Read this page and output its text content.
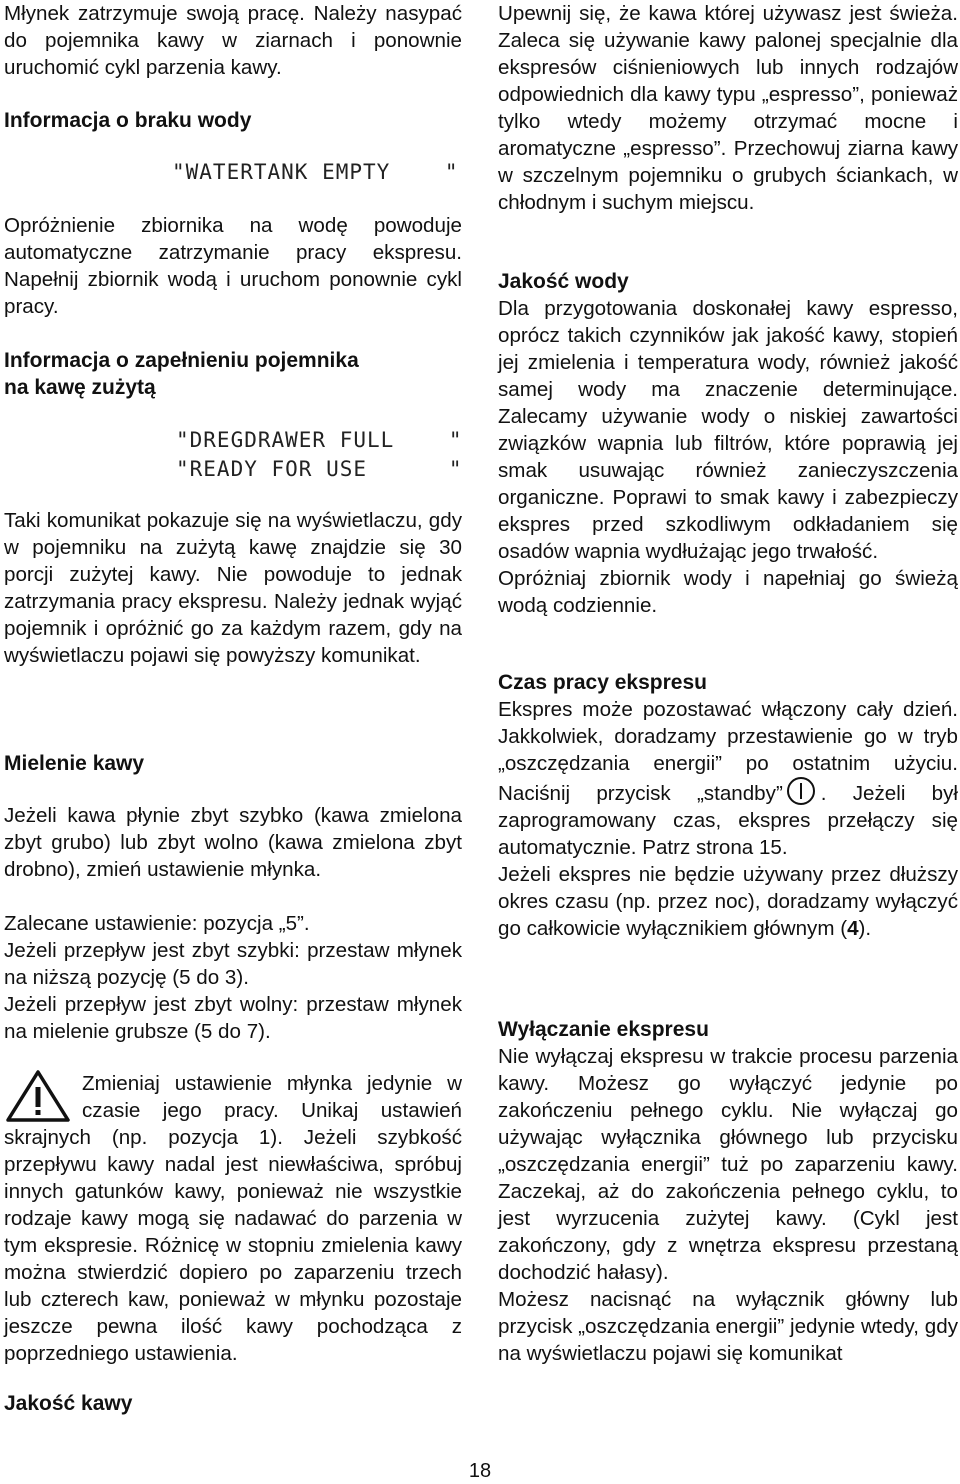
Młynek zatrzymuje swoją pracę. Należy nasypać do pojemnika kawy w ziarnach i ponownie uruchomić cykl parzenia kawy.

Informacja o braku wody

"WATERTANK EMPTY    "

Opróżnienie zbiornika na wodę powoduje automatyczne zatrzymanie pracy ekspresu. Napełnij zbiornik wodą i uruchom ponownie cykl pracy.

Informacja o zapełnieniu pojemnika

na kawę zużytą

"DREGDRAWER FULL    "

"READY FOR USE      "

Taki komunikat pokazuje się na wyświetlaczu, gdy w pojemniku na zużytą kawę znajdzie się 30 porcji zużytej kawy. Nie powoduje to jednak zatrzymania pracy ekspresu. Należy jednak wyjąć pojemnik i opróżnić go za każdym razem, gdy na wyświetlaczu pojawi się powyższy komunikat.

Mielenie kawy

Jeżeli kawa płynie zbyt szybko (kawa zmielona zbyt grubo) lub zbyt wolno (kawa zmielona zbyt drobno), zmień ustawienie młynka.

Zalecane ustawienie: pozycja „5”.

Jeżeli przepływ jest zbyt szybki: przestaw młynek na niższą pozycję (5 do 3).

Jeżeli przepływ jest zbyt wolny: przestaw młynek na mielenie grubsze (5 do 7).

Zmieniaj ustawienie młynka jedynie w czasie jego pracy. Unikaj ustawień skrajnych (np. pozycja 1). Jeżeli szybkość przepływu kawy nadal jest niewłaściwa, spróbuj innych gatunków kawy, ponieważ nie wszystkie rodzaje kawy mogą się nadawać do parzenia w tym ekspresie. Różnicę w stopniu zmielenia kawy można stwierdzić dopiero po zaparzeniu trzech lub czterech kaw, ponieważ w młynku pozostaje jeszcze pewna ilość kawy pochodząca z poprzedniego ustawienia.

Jakość kawy

Upewnij się, że kawa której używasz jest świeża. Zaleca się używanie kawy palonej specjalnie dla ekspresów ciśnieniowych lub innych rodzajów odpowiednich dla kawy typu „espresso”, ponieważ tylko wtedy możemy otrzymać mocne i aromatyczne „espresso”. Przechowuj ziarna kawy w szczelnym pojemniku o grubych ściankach, w chłodnym i suchym miejscu.

Jakość wody

Dla przygotowania doskonałej kawy espresso, oprócz takich czynników jak jakość kawy, stopień jej zmielenia i temperatura wody, również jakość samej wody ma znaczenie determinujące. Zalecamy używanie wody o niskiej zawartości związków wapnia lub filtrów, które poprawią jej smak usuwając również zanieczyszczenia organiczne. Poprawi to smak kawy i zabezpieczy ekspres przed szkodliwym odkładaniem się osadów wapnia wydłużając jego trwałość.

Opróżniaj zbiornik wody i napełniaj go świeżą wodą codziennie.

Czas pracy ekspresu

Ekspres może pozostawać włączony cały dzień. Jakkolwiek, doradzamy przestawienie go w tryb „oszczędzania energii” po ostatnim użyciu. Naciśnij przycisk „standby” . Jeżeli był zaprogramowany czas, ekspres przełączy się automatycznie. Patrz strona 15.

Jeżeli ekspres nie będzie używany przez dłuższy okres czasu (np. przez noc), doradzamy wyłączyć go całkowicie wyłącznikiem głównym (4).

Wyłączanie ekspresu

Nie wyłączaj ekspresu w trakcie procesu parzenia kawy. Możesz go wyłączyć jedynie po zakończeniu pełnego cyklu. Nie wyłączaj go używając wyłącznika głównego lub przycisku „oszczędzania energii” tuż po zaparzeniu kawy. Zaczekaj, aż do zakończenia pełnego cyklu, to jest wyrzucenia zużytej kawy. (Cykl jest zakończony, gdy z wnętrza ekspresu przestaną dochodzić hałasy).

Możesz nacisnąć na wyłącznik główny lub przycisk „oszczędzania energii” jedynie wtedy, gdy na wyświetlaczu pojawi się komunikat

18
